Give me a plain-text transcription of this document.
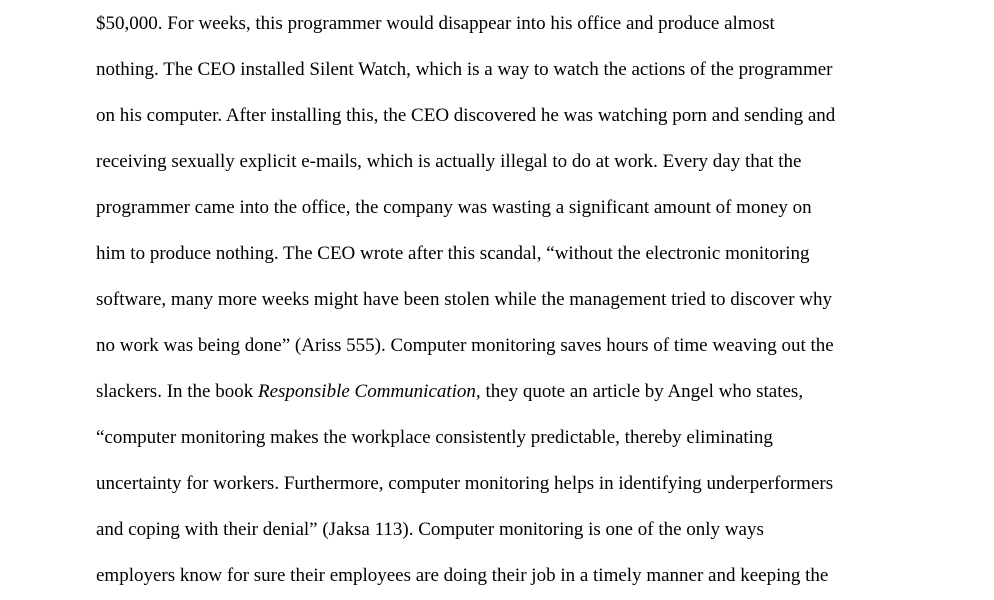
$50,000. For weeks, this programmer would disappear into his office and produce almost
nothing. The CEO installed Silent Watch, which is a way to watch the actions of the programmer
on his computer. After installing this, the CEO discovered he was watching porn and sending and
receiving sexually explicit e-mails, which is actually illegal to do at work. Every day that the
programmer came into the office, the company was wasting a significant amount of money on
him to produce nothing. The CEO wrote after this scandal, “without the electronic monitoring
software, many more weeks might have been stolen while the management tried to discover why
no work was being done” (Ariss 555). Computer monitoring saves hours of time weaving out the
slackers. In the book Responsible Communication, they quote an article by Angel who states,
“computer monitoring makes the workplace consistently predictable, thereby eliminating
uncertainty for workers. Furthermore, computer monitoring helps in identifying underperformers
and coping with their denial” (Jaksa 113). Computer monitoring is one of the only ways
employers know for sure their employees are doing their job in a timely manner and keeping the
